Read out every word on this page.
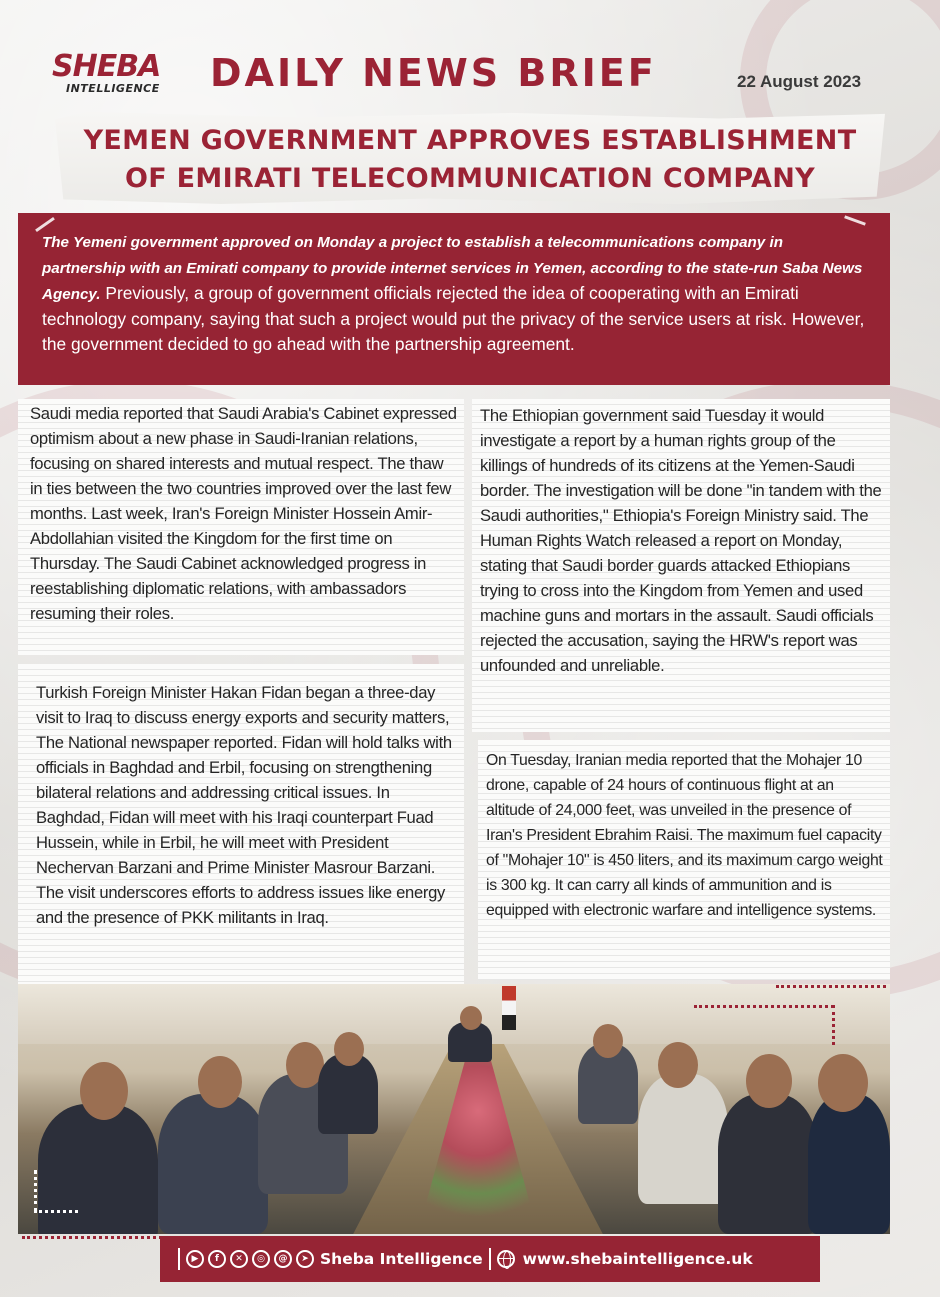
SHEBA
INTELLIGENCE DAILY NEWS BRIEF	22 August 2023
YEMEN GOVERNMENT APPROVES ESTABLISHMENT
OF EMIRATI TELECOMMUNICATION COMPANY

The Yemeni government approved on Monday a project to establish a telecommunications company in partnership with an Emirati company to provide internet services in Yemen, according to the state-run Saba News Agency. Previously, a group of government officials rejected the idea of cooperating with an Emirati technology company, saying that such a project would put the privacy of the service users at risk. However, the government decided to go ahead with the partnership agreement.

Saudi media reported that Saudi Arabia's Cabinet expressed optimism about a new phase in Saudi-Iranian relations, focusing on shared interests and mutual respect. The thaw in ties between the two countries improved over the last few months. Last week, Iran's Foreign Minister Hossein Amir-Abdollahian visited the Kingdom for the first time on Thursday. The Saudi Cabinet acknowledged progress in reestablishing diplomatic relations, with ambassadors resuming their roles.

Turkish Foreign Minister Hakan Fidan began a three-day visit to Iraq to discuss energy exports and security matters, The National newspaper reported. Fidan will hold talks with officials in Baghdad and Erbil, focusing on strengthening bilateral relations and addressing critical issues. In Baghdad, Fidan will meet with his Iraqi counterpart Fuad Hussein, while in Erbil, he will meet with President Nechervan Barzani and Prime Minister Masrour Barzani. The visit underscores efforts to address issues like energy and the presence of PKK militants in Iraq.

The Ethiopian government said Tuesday it would investigate a report by a human rights group of the killings of hundreds of its citizens at the Yemen-Saudi border. The investigation will be done "in tandem with the Saudi authorities," Ethiopia's Foreign Ministry said. The Human Rights Watch released a report on Monday, stating that Saudi border guards attacked Ethiopians trying to cross into the Kingdom from Yemen and used machine guns and mortars in the assault. Saudi officials rejected the accusation, saying the HRW's report was unfounded and unreliable.

On Tuesday, Iranian media reported that the Mohajer 10 drone, capable of 24 hours of continuous flight at an altitude of 24,000 feet, was unveiled in the presence of Iran's President Ebrahim Raisi. The maximum fuel capacity of "Mohajer 10" is 450 liters, and its maximum cargo weight is 300 kg. It can carry all kinds of ammunition and is equipped with electronic warfare and intelligence systems.

▶	f	✕	◎	@	➤ Sheba Intelligence	www.shebaintelligence.uk
